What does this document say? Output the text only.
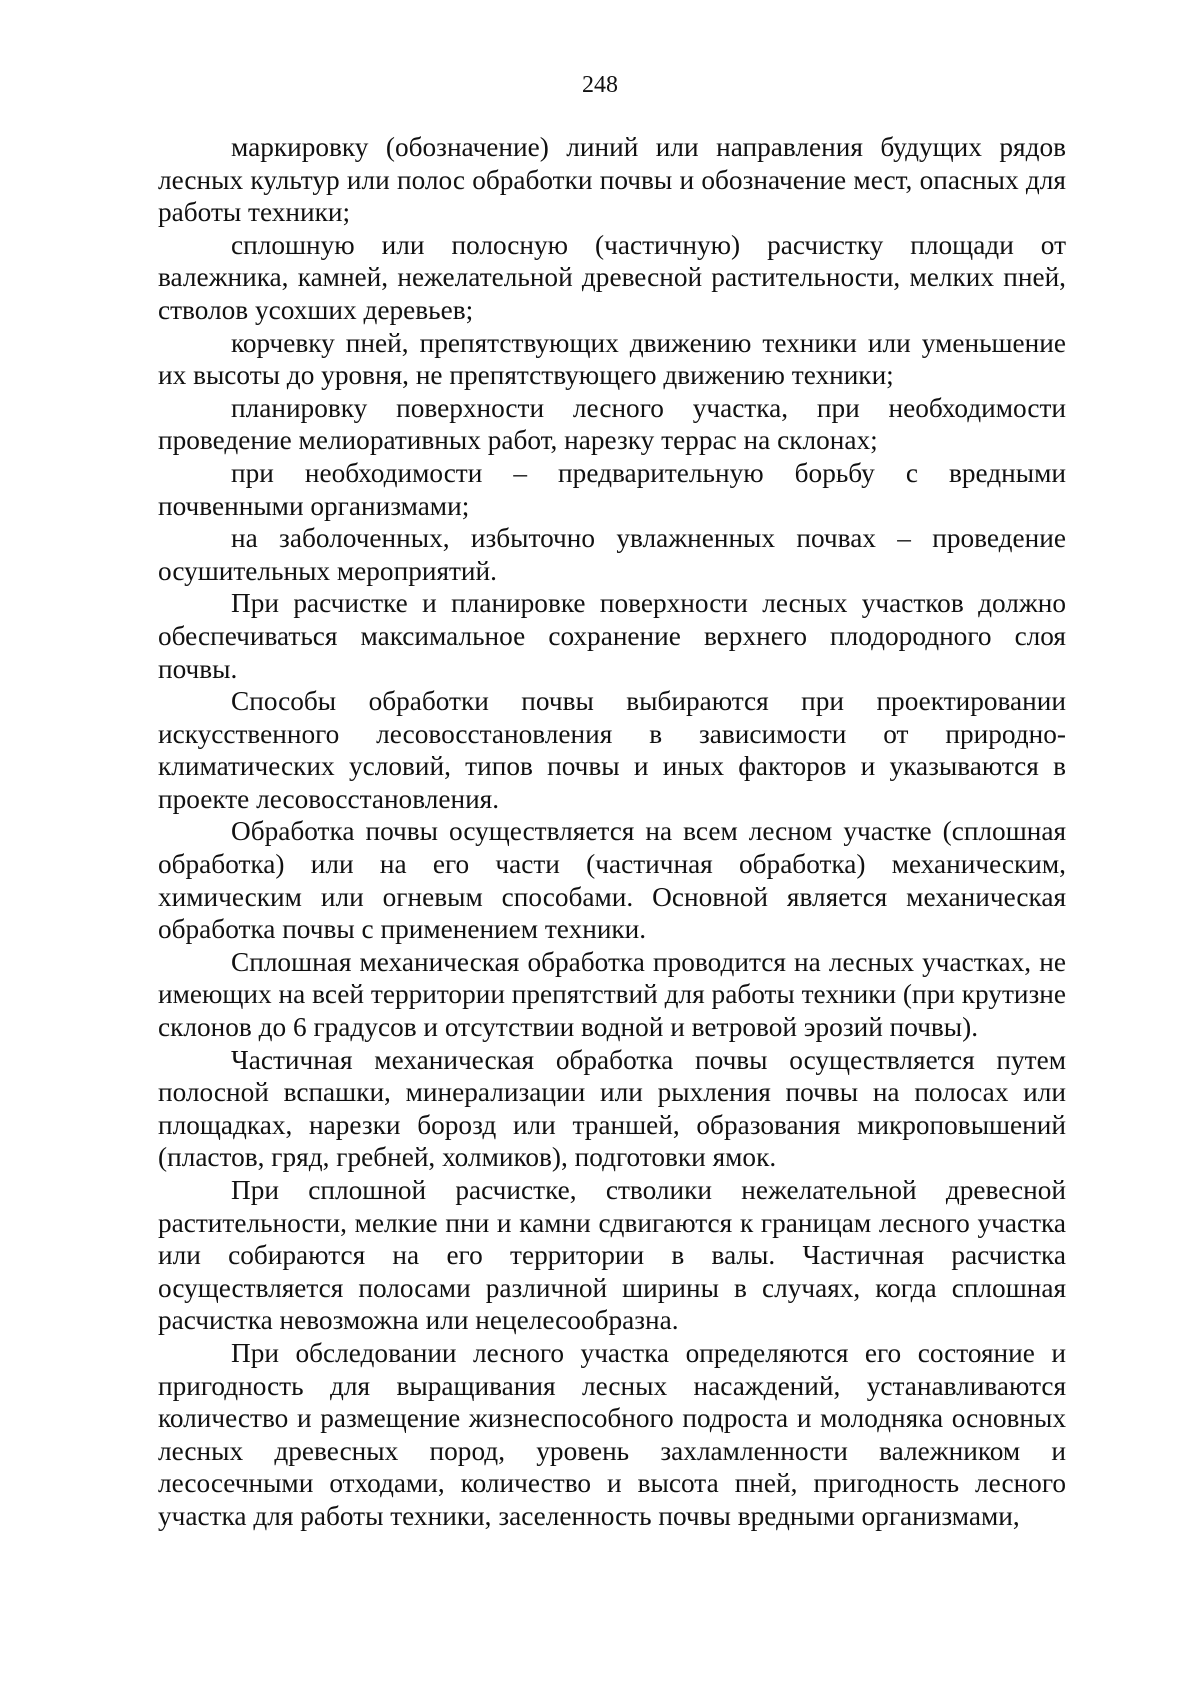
248

маркировку (обозначение) линий или направления будущих рядов лесных культур или полос обработки почвы и обозначение мест, опасных для работы техники;

сплошную или полосную (частичную) расчистку площади от валежника, камней, нежелательной древесной растительности, мелких пней, стволов усохших деревьев;

корчевку пней, препятствующих движению техники или уменьшение их высоты до уровня, не препятствующего движению техники;

планировку поверхности лесного участка, при необходимости проведение мелиоративных работ, нарезку террас на склонах;

при необходимости – предварительную борьбу с вредными почвенными организмами;

на заболоченных, избыточно увлажненных почвах – проведение осушительных мероприятий.

При расчистке и планировке поверхности лесных участков должно обеспечиваться максимальное сохранение верхнего плодородного слоя почвы.

Способы обработки почвы выбираются при проектировании искусственного лесовосстановления в зависимости от природно-климатических условий, типов почвы и иных факторов и указываются в проекте лесовосстановления.

Обработка почвы осуществляется на всем лесном участке (сплошная обработка) или на его части (частичная обработка) механическим, химическим или огневым способами. Основной является механическая обработка почвы с применением техники.

Сплошная механическая обработка проводится на лесных участках, не имеющих на всей территории препятствий для работы техники (при крутизне склонов до 6 градусов и отсутствии водной и ветровой эрозий почвы).

Частичная механическая обработка почвы осуществляется путем полосной вспашки, минерализации или рыхления почвы на полосах или площадках, нарезки борозд или траншей, образования микроповышений (пластов, гряд, гребней, холмиков), подготовки ямок.

При сплошной расчистке, стволики нежелательной древесной растительности, мелкие пни и камни сдвигаются к границам лесного участка или собираются на его территории в валы. Частичная расчистка осуществляется полосами различной ширины в случаях, когда сплошная расчистка невозможна или нецелесообразна.

При обследовании лесного участка определяются его состояние и пригодность для выращивания лесных насаждений, устанавливаются количество и размещение жизнеспособного подроста и молодняка основных лесных древесных пород, уровень захламленности валежником и лесосечными отходами, количество и высота пней, пригодность лесного участка для работы техники, заселенность почвы вредными организмами,
